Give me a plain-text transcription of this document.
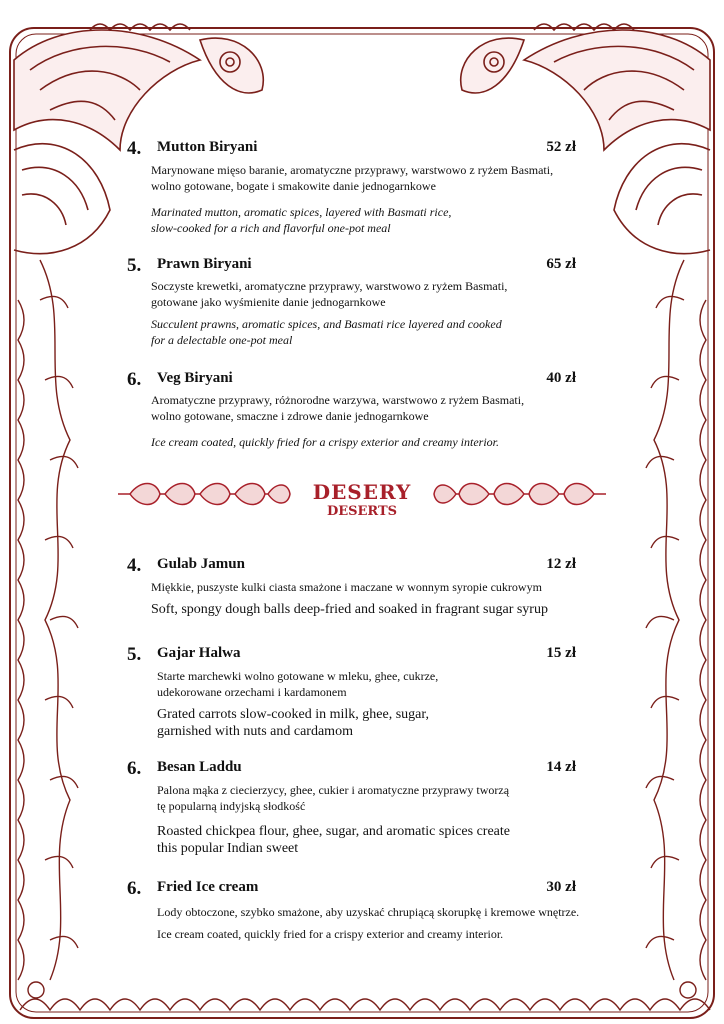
4. Mutton Biryani	52 zł
Marynowane mięso baranie, aromatyczne przyprawy, warstwowo z ryżem Basmati,
wolno gotowane, bogate i smakowite danie jednogarnkowe
Marinated mutton, aromatic spices, layered with Basmati rice,
slow-cooked for a rich and flavorful one-pot meal
5. Prawn Biryani	65 zł
Soczyste krewetki, aromatyczne przyprawy, warstwowo z ryżem Basmati,
gotowane jako wyśmienite danie jednogarnkowe
Succulent prawns, aromatic spices, and Basmati rice layered and cooked
for a delectable one-pot meal
6. Veg Biryani	40 zł
Aromatyczne przyprawy, różnorodne warzywa, warstwowo z ryżem Basmati,
wolno gotowane, smaczne i zdrowe danie jednogarnkowe
Ice cream coated, quickly fried for a crispy exterior and creamy interior.
DESERY
DESERTS
4. Gulab Jamun	12 zł
Miękkie, puszyste kulki ciasta smażone i maczane w wonnym syropie cukrowym
Soft, spongy dough balls deep-fried and soaked in fragrant sugar syrup
5. Gajar Halwa	15 zł
Starte marchewki wolno gotowane w mleku, ghee, cukrze,
udekorowane orzechami i kardamonem
Grated carrots slow-cooked in milk, ghee, sugar,
garnished with nuts and cardamom
6. Besan Laddu	14 zł
Palona mąka z ciecierzycy, ghee, cukier i aromatyczne przyprawy tworzą
tę popularną indyjską słodkość
Roasted chickpea flour, ghee, sugar, and aromatic spices create
this popular Indian sweet
6. Fried Ice cream	30 zł
Lody obtoczone, szybko smażone, aby uzyskać chrupiącą skorupkę i kremowe wnętrze.
Ice cream coated, quickly fried for a crispy exterior and creamy interior.
